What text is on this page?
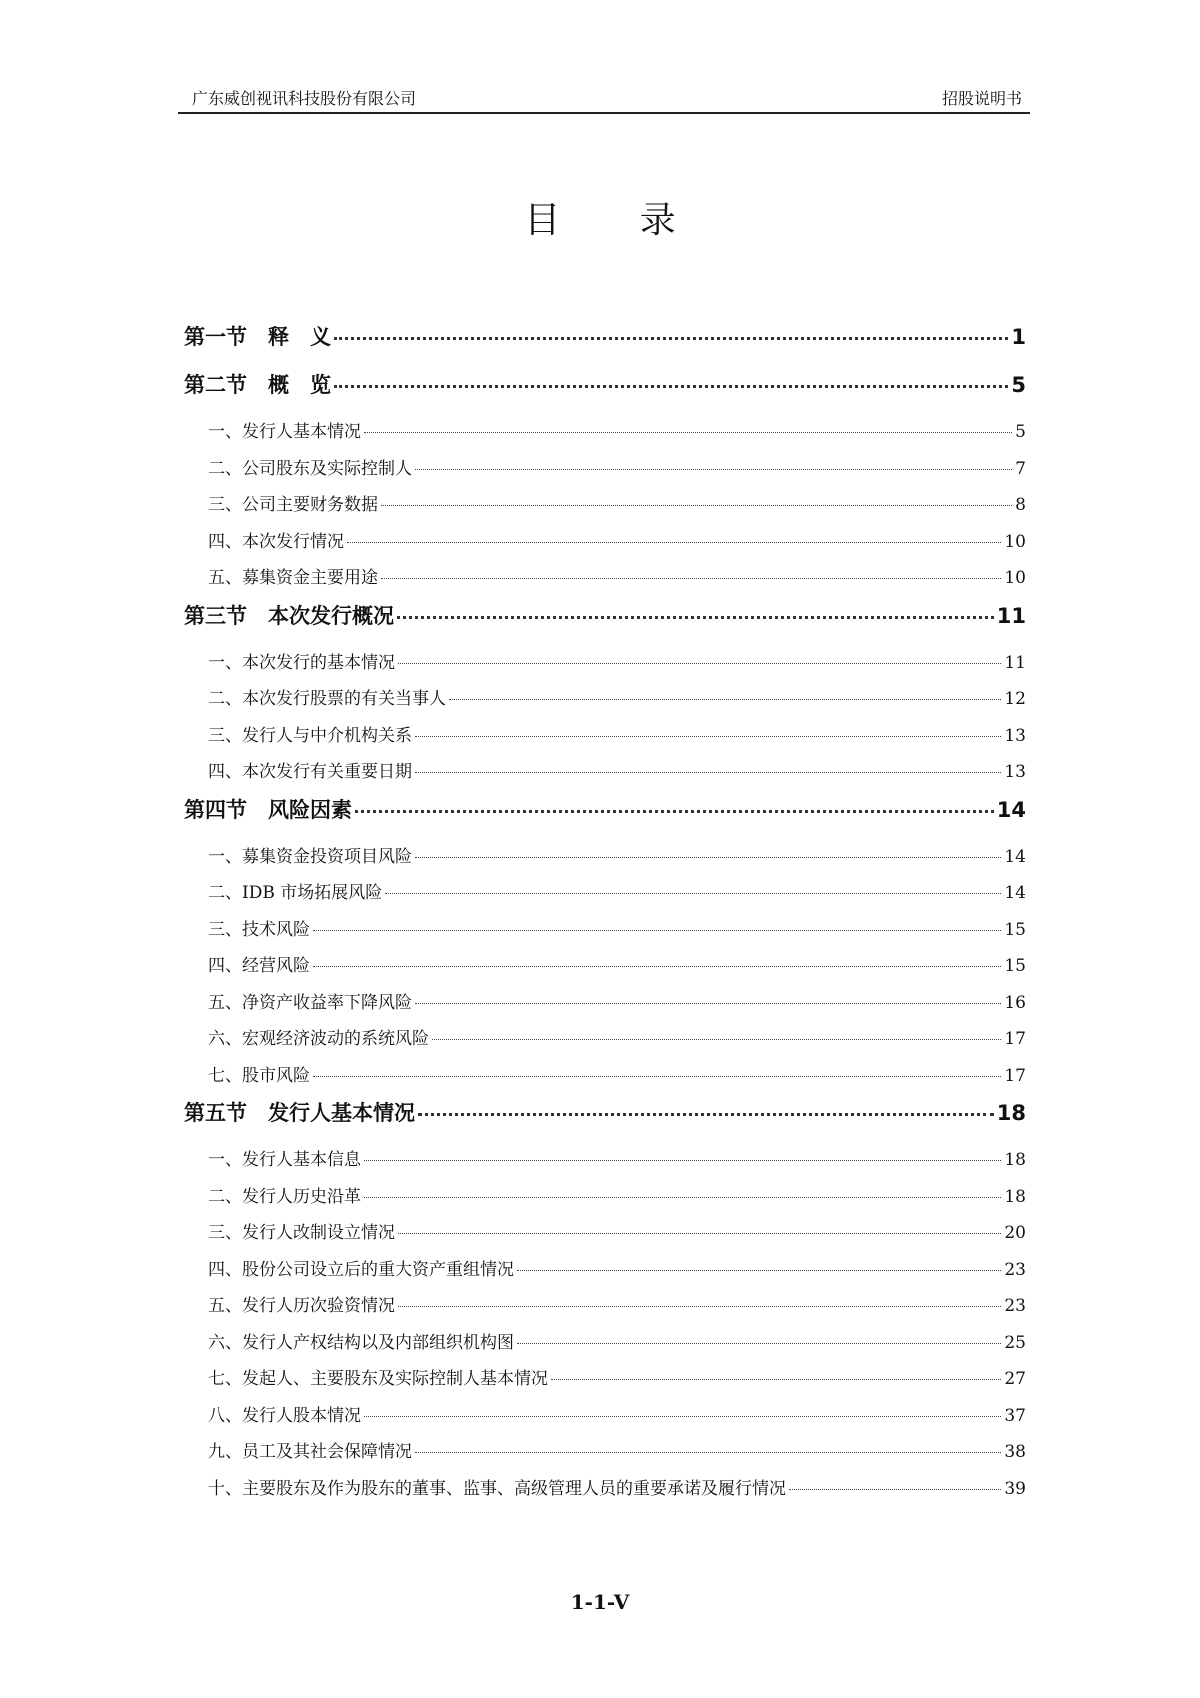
广东威创视讯科技股份有限公司	招股说明书
目 录
第一节　释　义	1
第二节　概　览	5
一、发行人基本情况	5
二、公司股东及实际控制人	7
三、公司主要财务数据	8
四、本次发行情况	10
五、募集资金主要用途	10
第三节　本次发行概况	11
一、本次发行的基本情况	11
二、本次发行股票的有关当事人	12
三、发行人与中介机构关系	13
四、本次发行有关重要日期	13
第四节　风险因素	14
一、募集资金投资项目风险	14
二、IDB 市场拓展风险	14
三、技术风险	15
四、经营风险	15
五、净资产收益率下降风险	16
六、宏观经济波动的系统风险	17
七、股市风险	17
第五节　发行人基本情况	18
一、发行人基本信息	18
二、发行人历史沿革	18
三、发行人改制设立情况	20
四、股份公司设立后的重大资产重组情况	23
五、发行人历次验资情况	23
六、发行人产权结构以及内部组织机构图	25
七、发起人、主要股东及实际控制人基本情况	27
八、发行人股本情况	37
九、员工及其社会保障情况	38
十、主要股东及作为股东的董事、监事、高级管理人员的重要承诺及履行情况	39
1-1-V
